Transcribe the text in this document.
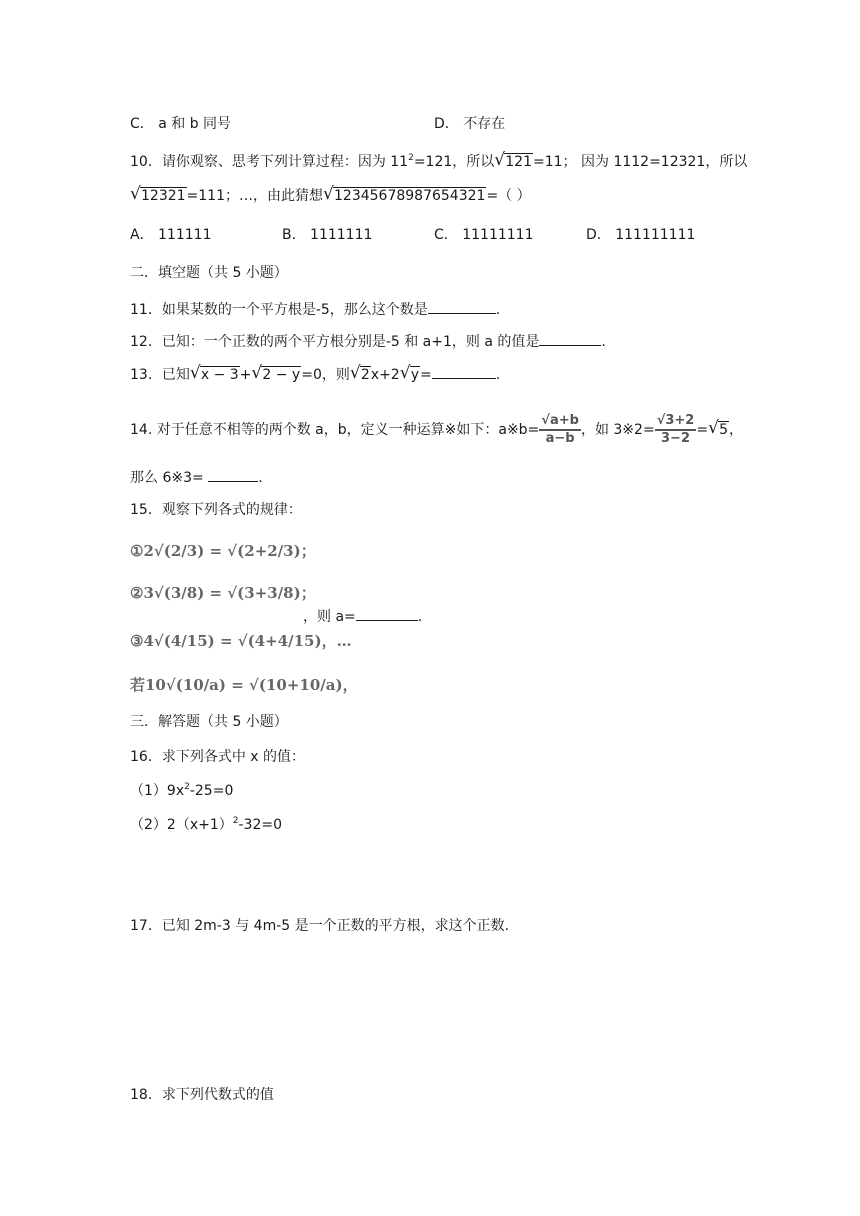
C． a 和 b 同号	D． 不存在
10．请你观察、思考下列计算过程：因为 $11^2=121$，所以 √ 121=11； 因为 1112=12321，所以
√ 12321=111；…，由此猜想 √ 12345678987654321=（ ）
A． 111111	B． 1111111	C． 11111111	D． 111111111
二．填空题（共 5 小题）
11．如果某数的一个平方根是-5，那么这个数是	.
12．已知：一个正数的两个平方根分别是-5 和 a+1，则 a 的值是	.
13．已知 √ x − 3+ √ 2 − y=0，则 √ 2x+2 √ y=	.
14. 对于任意不相等的两个数 a，b，定义一种运算※如下：a※b= $\frac{√a+b}{a-b}$ ，如 3※2= $\frac{√3+2}{3-2}$ = √ 5，
那么 6※3=	.
15．观察下列各式的规律：
①2√(2/3) = √(2+2/3)；
②3√(3/8) = √(3+3/8)；
③4√(4/15) = √(4+4/15)，…
若10√(10/a) = √(10+10/a)，
，则 a=	.
三．解答题（共 5 小题）
16．求下列各式中 x 的值：
$(1)9x^2-25=0$
$(2)2(x+1)^2-32=0$
17．已知 2m-3 与 4m-5 是一个正数的平方根，求这个正数.
18．求下列代数式的值
